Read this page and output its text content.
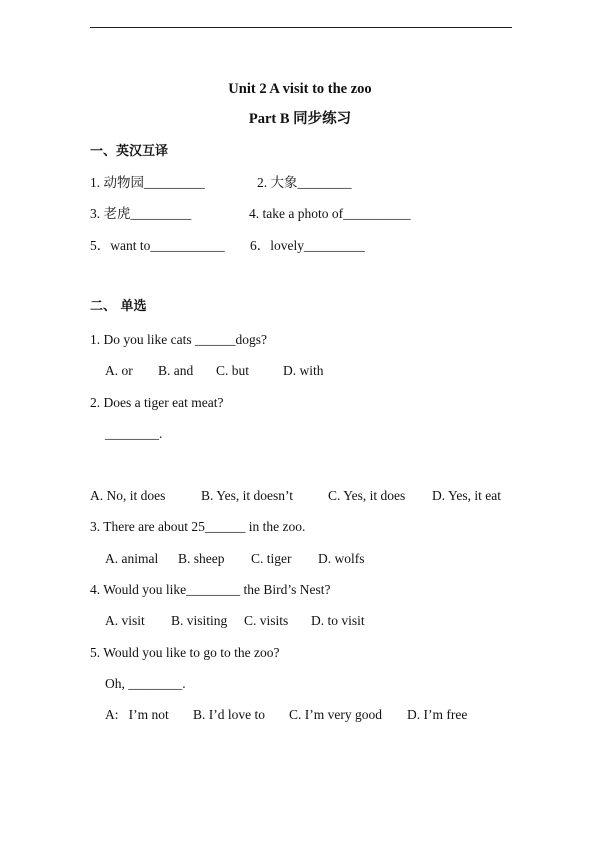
Unit 2 A visit to the zoo
Part B 同步练习
一、英汉互译
1. 动物园_________	2. 大象________
3. 老虎_________	4. take a photo of__________
5．want to___________ 6．lovely_________
二、 单选
1. Do you like cats ______dogs?
A. or B. and C. but	D. with
2. Does a tiger eat meat?
________.
A. No, it does	B. Yes, it doesn’t	C. Yes, it does D. Yes, it eat
3. There are about 25______ in the zoo.
A. animal B. sheep C. tiger D. wolfs
4. Would you like________ the Bird’s Nest?
A. visit B. visiting C. visits D. to visit
5. Would you like to go to the zoo?
Oh, ________.
A:   I’m not B. I’d love to C. I’m very good D. I’m free
